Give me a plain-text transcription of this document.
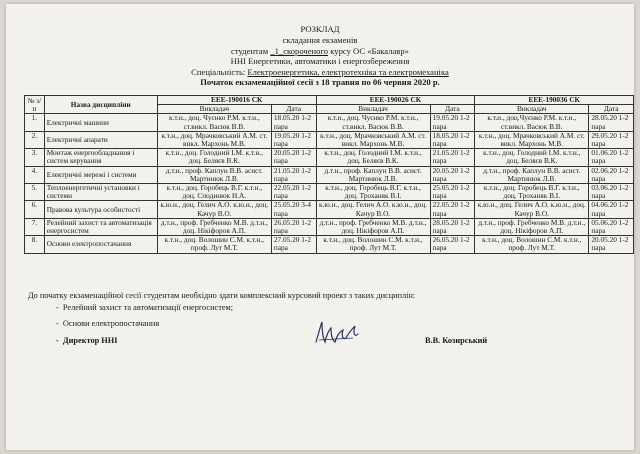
РОЗКЛАД
складання екзаменів
студентам _1_скороченого курсу ОС «Бакалавр»
ННІ Енергетики, автоматики і енергозбереження
Спеціальність: Електроенергетика, електротехніка та електромеханіка
Початок екзаменаційної сесії з 18 травня по 06 червня 2020 р.
№ з/п	Назва дисципліни	ЕЕЕ-190016 СК		ЕЕЕ-190026 СК		ЕЕЕ-190036 СК	
		Викладач	Дата	Викладач	Дата	Викладач	Дата
1.	Електричні машини	к.т.н., доц. Чуєнко Р.М. к.т.н., ст.викл. Васюк В.В.	18.05.20 1-2 пара	к.т.н., доц. Чуєнко Р.М. к.т.н., ст.викл. Васюк В.В.	19.05.20 1-2 пара	к.т.н., доц.Чуєнко Р.М. к.т.н., ст.викл. Васюк В.В.	28.05.20 1-2 пара
2.	Електричні апарати	к.т.н., доц. Мрачковський А.М. ст. викл. Мархонь М.В.	19.05.20 1-2 пара	к.т.н., доц. Мрачковський А.М. ст. викл. Мархонь М.В.	18.05.20 1-2 пара	к.т.н., доц. Мрачковський А.М. ст. викл. Мархонь М.В.	29.05.20 1-2 пара
3.	Монтаж енергообладнання і систем керування	к.т.н., доц. Голодний І.М. к.т.н., доц. Беляєв В.К.	20.05.20 1-2 пара	к.т.н., доц. Голодний І.М. к.т.н., доц. Беляєв В.К.	21.05.20 1-2 пара	к.т.н., доц. Голодний І.М. к.т.н., доц. Беляєв В.К.	01.06.20 1-2 пара
4.	Електричні мережі і системи	д.т.н., проф. Каплун В.В. асист. Мартинюк Л.В.	21.05.20 1-2 пара	д.т.н., проф. Каплун В.В. асист. Мартинюк Л.В.	20.05.20 1-2 пара	д.т.н., проф. Каплун В.В. асист. Мартинюк Л.В.	02.06.20 1-2 пара
5.	Теплоенергетичні установки і системи	к.т.н., доц. Горобець В.Г. к.т.н., доц. Сподинюк Н.А.	22.05.20 1-2 пара	к.т.н., доц. Горобець В.Г. к.т.н., доц. Троханяк В.І.	25.05.20 1-2 пара	к.т.н., доц. Горобець В.Г. к.т.н., доц. Троханяк В.І.	03.06.20 1-2 пара
6.	Правова культура особистості	к.ю.н., доц. Гелич А.О. к.ю.н., доц. Качур В.О.	25.05.20 3-4 пара	к.ю.н., доц. Гелич А.О. к.ю.н., доц. Качур В.О.	22.05.20 1-2 пара	к.ю.н., доц. Гелич А.О. к.ю.н., доц. Качур В.О.	04.06.20 1-2 пара
7.	Релейний захист та автоматизація енергосистем	д.т.н., проф. Гребченко М.В. д.т.н., доц. Нікіфоров А.П.	26.05.20 1-2 пара	д.т.н., проф. Гребченко М.В. д.т.н., доц. Нікіфоров А.П.	28.05.20 1-2 пара	д.т.н., проф. Гребченко М.В. д.т.н., доц. Нікіфоров А.П.	05.06.20 1-2 пара
8.	Основи електропостачання	к.т.н., доц. Волошин С.М. к.т.н., проф. Лут М.Т.	27.05.20 1-2 пара	к.т.н., доц. Волошин С.М. к.т.н., проф. Лут М.Т.	26.05.20 1-2 пара	к.т.н., доц. Волошин С.М. к.т.н., проф. Лут М.Т.	20.05.20 1-2 пара
До початку екзаменаційної сесії студентам необхідно здати комплексний курсовий проект з таких дисциплін:
-  Релейний захист та автоматизації енергосистем;
-  Основи електропостачання
-  Директор ННІ	В.В. Козирський
